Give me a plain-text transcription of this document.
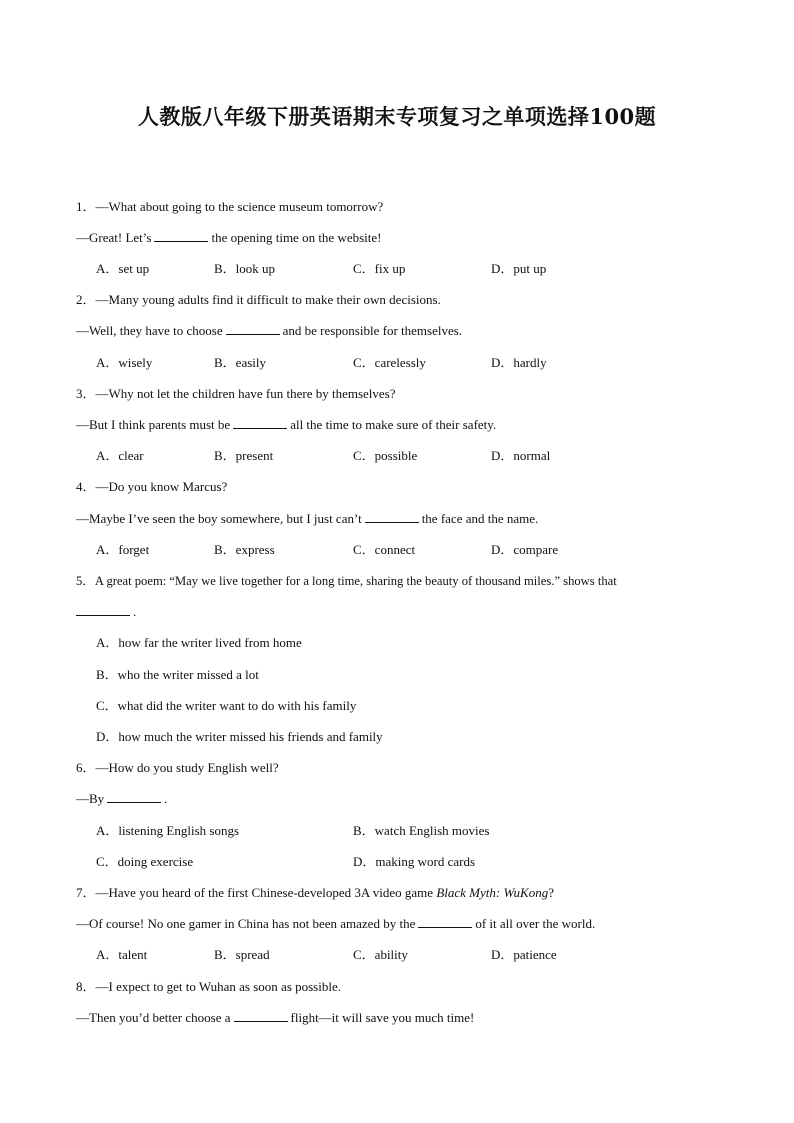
人教版八年级下册英语期末专项复习之单项选择100题
1．—What about going to the science museum tomorrow?
—Great! Let’s	the opening time on the website!
A．set up	B．look up	C．fix up	D．put up
2．—Many young adults find it difficult to make their own decisions.
—Well, they have to choose	and be responsible for themselves.
A．wisely	B．easily	C．carelessly	D．hardly
3．—Why not let the children have fun there by themselves?
—But I think parents must be	all the time to make sure of their safety.
A．clear	B．present	C．possible	D．normal
4．—Do you know Marcus?
—Maybe I’ve seen the boy somewhere, but I just can’t	the face and the name.
A．forget	B．express	C．connect	D．compare
5．A great poem: “May we live together for a long time, sharing the beauty of thousand miles.” shows that
.
A．how far the writer lived from home
B．who the writer missed a lot
C．what did the writer want to do with his family
D．how much the writer missed his friends and family
6．—How do you study English well?
—By	.
A．listening English songs	B．watch English movies
C．doing exercise	D．making word cards
7．—Have you heard of the first Chinese-developed 3A video game Black Myth: WuKong?
—Of course! No one gamer in China has not been amazed by the	of it all over the world.
A．talent	B．spread	C．ability	D．patience
8．—I expect to get to Wuhan as soon as possible.
—Then you’d better choose a	flight—it will save you much time!
